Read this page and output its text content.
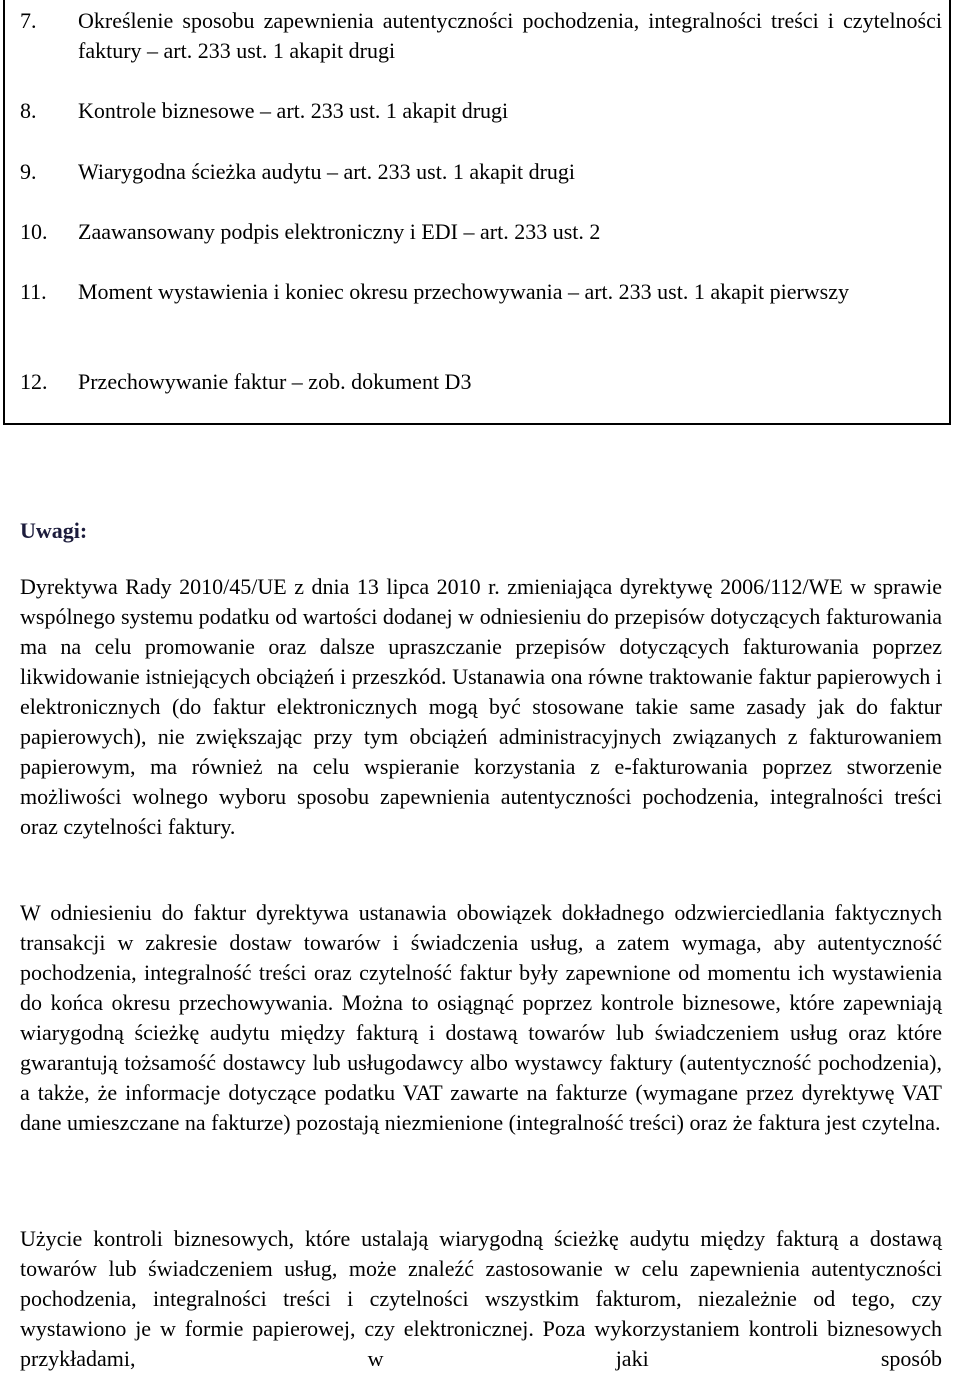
7.	Określenie sposobu zapewnienia autentyczności pochodzenia, integralności treści i czytelności faktury – art. 233 ust. 1 akapit drugi
8.	Kontrole biznesowe – art. 233 ust. 1 akapit drugi
9.	Wiarygodna ścieżka audytu – art. 233 ust. 1 akapit drugi
10.	Zaawansowany podpis elektroniczny i EDI – art. 233 ust. 2
11.	Moment wystawienia i koniec okresu przechowywania – art. 233 ust. 1 akapit pierwszy
12.	Przechowywanie faktur – zob. dokument D3
Uwagi:

Dyrektywa Rady 2010/45/UE z dnia 13 lipca 2010 r. zmieniająca dyrektywę 2006/112/WE w sprawie wspólnego systemu podatku od wartości dodanej w odniesieniu do przepisów dotyczących fakturowania ma na celu promowanie oraz dalsze upraszczanie przepisów dotyczących fakturowania poprzez likwidowanie istniejących obciążeń i przeszkód. Ustanawia ona równe traktowanie faktur papierowych i elektronicznych (do faktur elektronicznych mogą być stosowane takie same zasady jak do faktur papierowych), nie zwiększając przy tym obciążeń administracyjnych związanych z fakturowaniem papierowym, ma również na celu wspieranie korzystania z e-fakturowania poprzez stworzenie możliwości wolnego wyboru sposobu zapewnienia autentyczności pochodzenia, integralności treści oraz czytelności faktury.

W odniesieniu do faktur dyrektywa ustanawia obowiązek dokładnego odzwierciedlania faktycznych transakcji w zakresie dostaw towarów i świadczenia usług, a zatem wymaga, aby autentyczność pochodzenia, integralność treści oraz czytelność faktur były zapewnione od momentu ich wystawienia do końca okresu przechowywania. Można to osiągnąć poprzez kontrole biznesowe, które zapewniają wiarygodną ścieżkę audytu między fakturą i dostawą towarów lub świadczeniem usług oraz które gwarantują tożsamość dostawcy lub usługodawcy albo wystawcy faktury (autentyczność pochodzenia), a także, że informacje dotyczące podatku VAT zawarte na fakturze (wymagane przez dyrektywę VAT dane umieszczane na fakturze) pozostają niezmienione (integralność treści) oraz że faktura jest czytelna.

Użycie kontroli biznesowych, które ustalają wiarygodną ścieżkę audytu między fakturą a dostawą towarów lub świadczeniem usług, może znaleźć zastosowanie w celu zapewnienia autentyczności pochodzenia, integralności treści i czytelności wszystkim fakturom, niezależnie od tego, czy wystawiono je w formie papierowej, czy elektronicznej. Poza wykorzystaniem kontroli biznesowych przykładami, w jaki sposób
